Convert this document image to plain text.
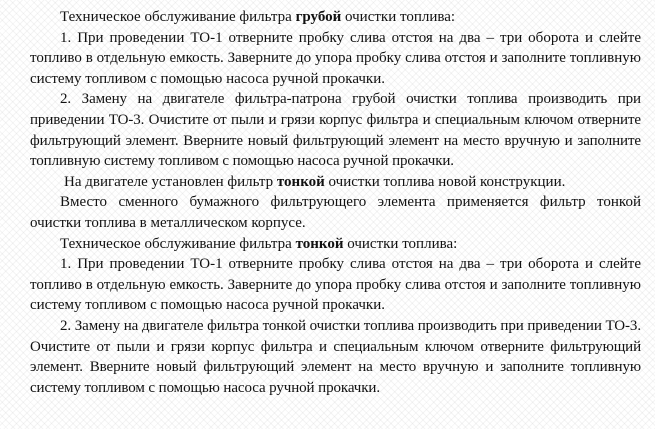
Техническое обслуживание фильтра грубой очистки топлива:

1. При проведении ТО-1 отверните пробку слива отстоя на два – три оборота и слейте топливо в отдельную емкость. Заверните до упора пробку слива отстоя и заполните топливную систему топливом с помощью насоса ручной прокачки.

2. Замену на двигателе фильтра-патрона грубой очистки топлива производить при приведении ТО-3. Очистите от пыли и грязи корпус фильтра и специальным ключом отверните фильтрующий элемент. Вверните новый фильтрующий элемент на место вручную и заполните топливную систему топливом с помощью насоса ручной прокачки.

На двигателе установлен фильтр тонкой очистки топлива новой конструкции.

Вместо сменного бумажного фильтрующего элемента применяется фильтр тонкой очистки топлива в металлическом корпусе.

Техническое обслуживание фильтра тонкой очистки топлива:

1. При проведении ТО-1 отверните пробку слива отстоя на два – три оборота и слейте топливо в отдельную емкость. Заверните до упора пробку слива отстоя и заполните топливную систему топливом с помощью насоса ручной прокачки.

2. Замену на двигателе фильтра тонкой очистки топлива производить при приведении ТО-3. Очистите от пыли и грязи корпус фильтра и специальным ключом отверните фильтрующий элемент. Вверните новый фильтрующий элемент на место вручную и заполните топливную систему топливом с помощью насоса ручной прокачки.
